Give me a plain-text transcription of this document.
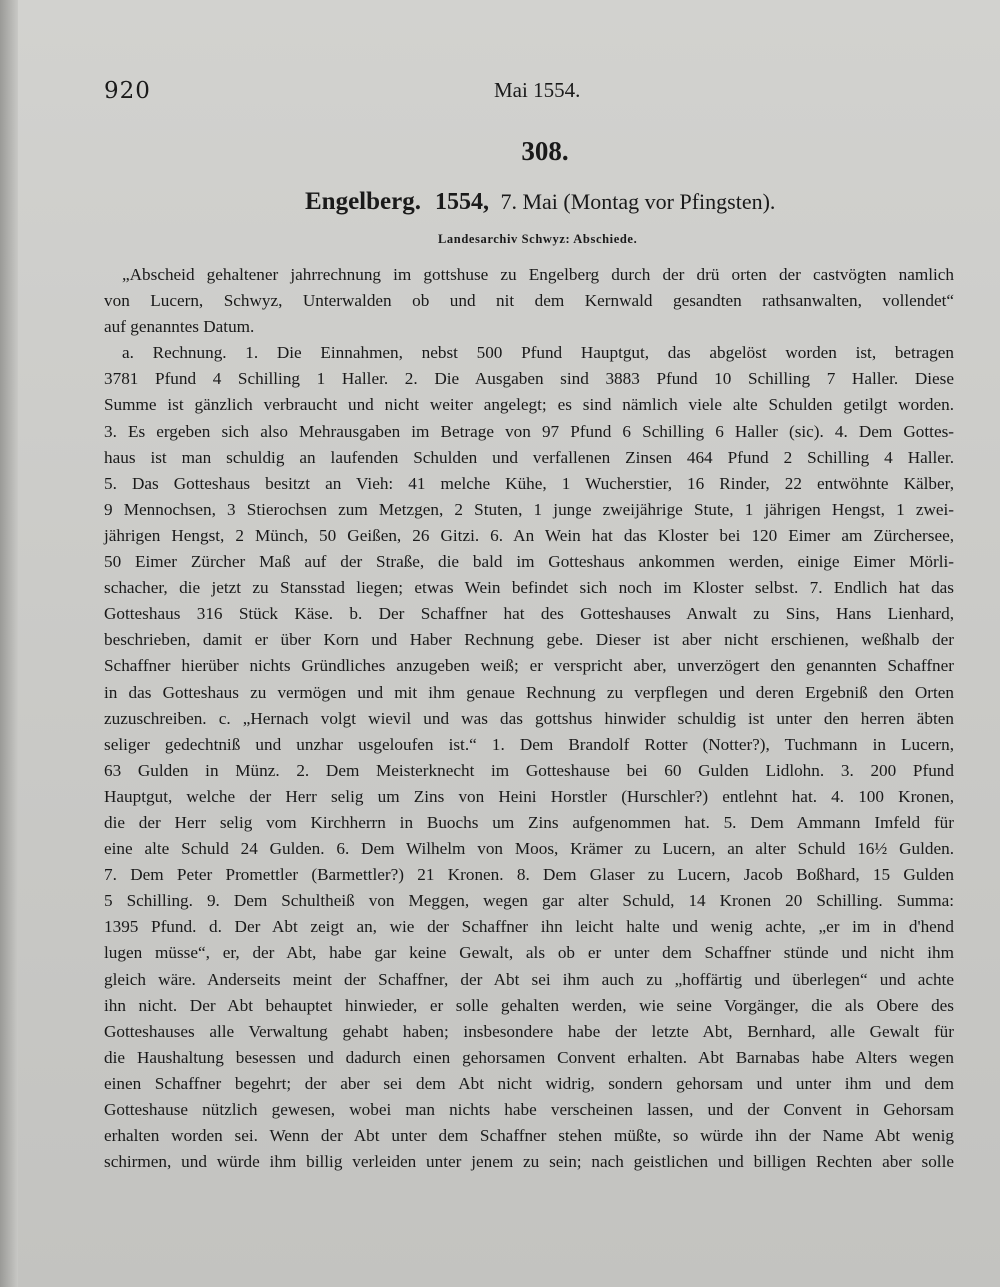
920	Mai 1554.
308.
Engelberg. 1554, 7. Mai (Montag vor Pfingsten).
Landesarchiv Schwyz: Abschiede.
„Abscheid gehaltener jahrrechnung im gottshuse zu Engelberg durch der drü orten der castvögten namlich
von Lucern, Schwyz, Unterwalden ob und nit dem Kernwald gesandten rathsanwalten, vollendet“
auf genanntes Datum.
a. Rechnung. 1. Die Einnahmen, nebst 500 Pfund Hauptgut, das abgelöst worden ist, betragen
3781 Pfund 4 Schilling 1 Haller. 2. Die Ausgaben sind 3883 Pfund 10 Schilling 7 Haller. Diese
Summe ist gänzlich verbraucht und nicht weiter angelegt; es sind nämlich viele alte Schulden getilgt worden.
3. Es ergeben sich also Mehrausgaben im Betrage von 97 Pfund 6 Schilling 6 Haller (sic). 4. Dem Gottes-
haus ist man schuldig an laufenden Schulden und verfallenen Zinsen 464 Pfund 2 Schilling 4 Haller.
5. Das Gotteshaus besitzt an Vieh: 41 melche Kühe, 1 Wucherstier, 16 Rinder, 22 entwöhnte Kälber,
9 Mennochsen, 3 Stierochsen zum Metzgen, 2 Stuten, 1 junge zweijährige Stute, 1 jährigen Hengst, 1 zwei-
jährigen Hengst, 2 Münch, 50 Geißen, 26 Gitzi. 6. An Wein hat das Kloster bei 120 Eimer am Zürchersee,
50 Eimer Zürcher Maß auf der Straße, die bald im Gotteshaus ankommen werden, einige Eimer Mörli-
schacher, die jetzt zu Stansstad liegen; etwas Wein befindet sich noch im Kloster selbst. 7. Endlich hat das
Gotteshaus 316 Stück Käse. b. Der Schaffner hat des Gotteshauses Anwalt zu Sins, Hans Lienhard,
beschrieben, damit er über Korn und Haber Rechnung gebe. Dieser ist aber nicht erschienen, weßhalb der
Schaffner hierüber nichts Gründliches anzugeben weiß; er verspricht aber, unverzögert den genannten Schaffner
in das Gotteshaus zu vermögen und mit ihm genaue Rechnung zu verpflegen und deren Ergebniß den Orten
zuzuschreiben. c. „Hernach volgt wievil und was das gottshus hinwider schuldig ist unter den herren äbten
seliger gedechtniß und unzhar usgeloufen ist.“ 1. Dem Brandolf Rotter (Notter?), Tuchmann in Lucern,
63 Gulden in Münz. 2. Dem Meisterknecht im Gotteshause bei 60 Gulden Lidlohn. 3. 200 Pfund
Hauptgut, welche der Herr selig um Zins von Heini Horstler (Hurschler?) entlehnt hat. 4. 100 Kronen,
die der Herr selig vom Kirchherrn in Buochs um Zins aufgenommen hat. 5. Dem Ammann Imfeld für
eine alte Schuld 24 Gulden. 6. Dem Wilhelm von Moos, Krämer zu Lucern, an alter Schuld 16½ Gulden.
7. Dem Peter Promettler (Barmettler?) 21 Kronen. 8. Dem Glaser zu Lucern, Jacob Boßhard, 15 Gulden
5 Schilling. 9. Dem Schultheiß von Meggen, wegen gar alter Schuld, 14 Kronen 20 Schilling. Summa:
1395 Pfund. d. Der Abt zeigt an, wie der Schaffner ihn leicht halte und wenig achte, „er im in d'hend
lugen müsse“, er, der Abt, habe gar keine Gewalt, als ob er unter dem Schaffner stünde und nicht ihm
gleich wäre. Anderseits meint der Schaffner, der Abt sei ihm auch zu „hoffärtig und überlegen“ und achte
ihn nicht. Der Abt behauptet hinwieder, er solle gehalten werden, wie seine Vorgänger, die als Obere des
Gotteshauses alle Verwaltung gehabt haben; insbesondere habe der letzte Abt, Bernhard, alle Gewalt für
die Haushaltung besessen und dadurch einen gehorsamen Convent erhalten. Abt Barnabas habe Alters wegen
einen Schaffner begehrt; der aber sei dem Abt nicht widrig, sondern gehorsam und unter ihm und dem
Gotteshause nützlich gewesen, wobei man nichts habe verscheinen lassen, und der Convent in Gehorsam
erhalten worden sei. Wenn der Abt unter dem Schaffner stehen müßte, so würde ihn der Name Abt wenig
schirmen, und würde ihm billig verleiden unter jenem zu sein; nach geistlichen und billigen Rechten aber solle
